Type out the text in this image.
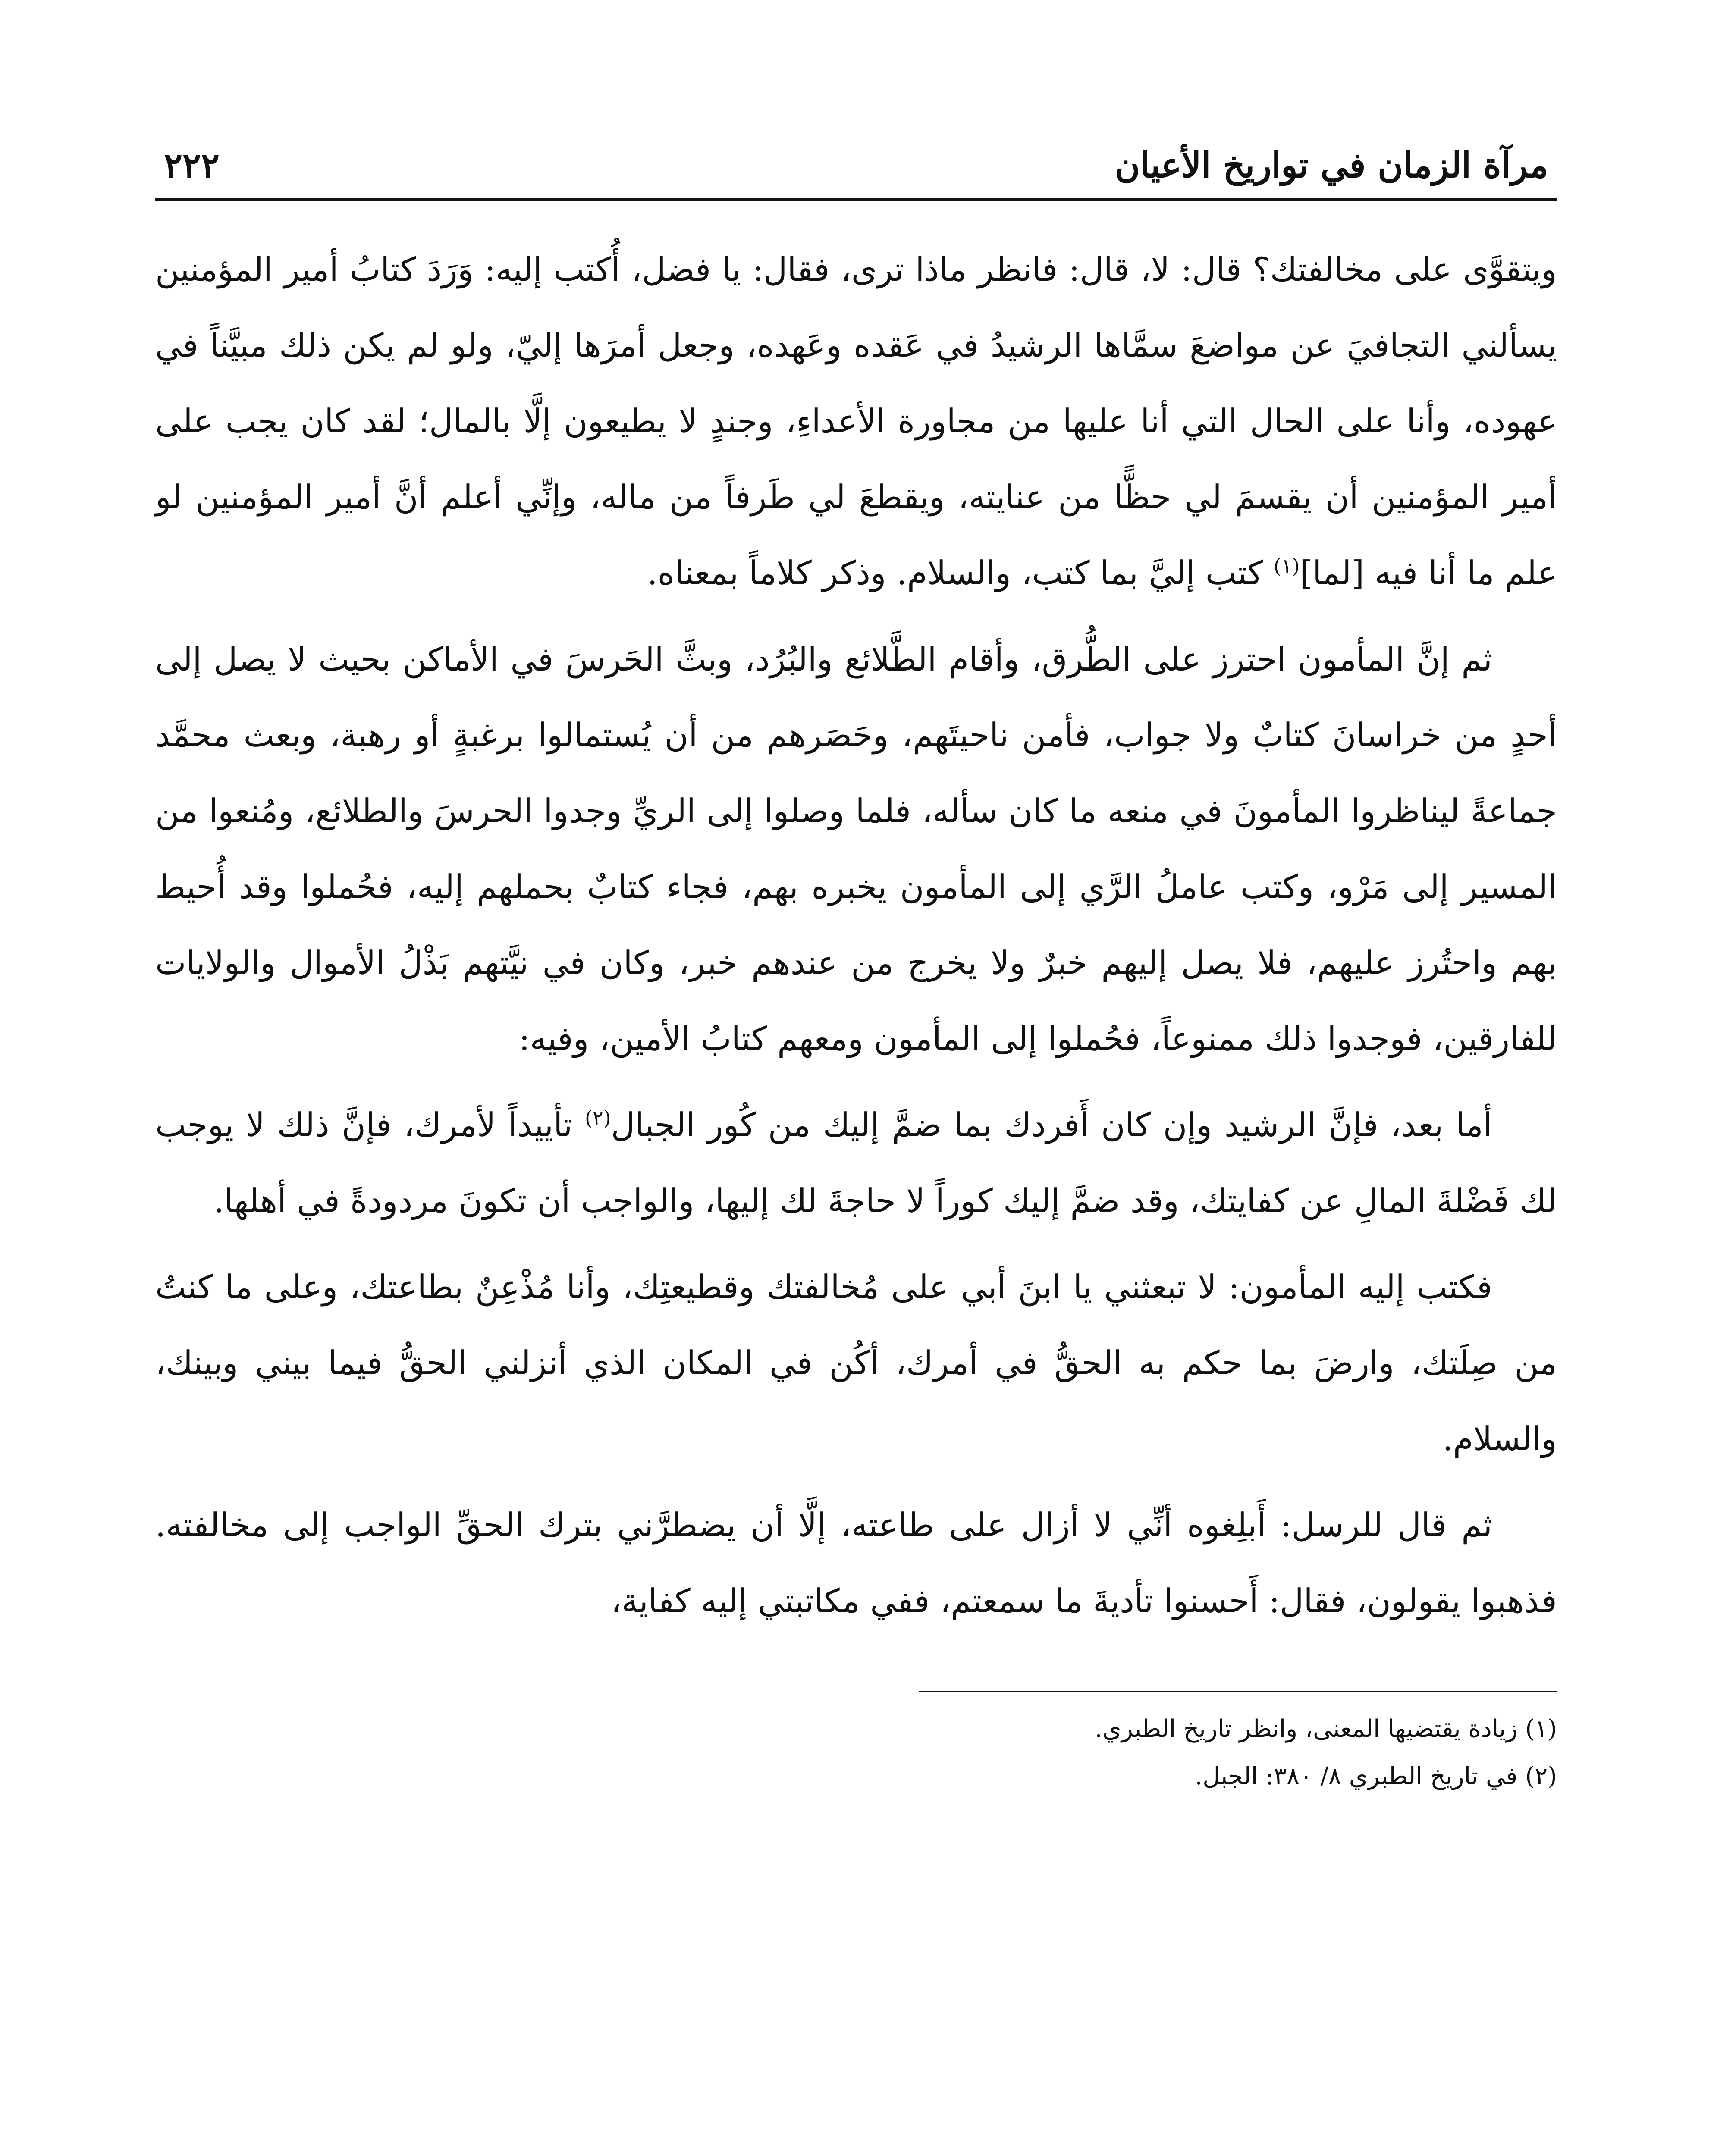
مرآة الزمان في تواريخ الأعيان
٢٢٢

ويتقوَّى على مخالفتك؟ قال: لا، قال: فانظر ماذا ترى، فقال: يا فضل، أُكتب إليه: وَرَدَ كتابُ أمير المؤمنين يسألني التجافيَ عن مواضعَ سمَّاها الرشيدُ في عَقده وعَهده، وجعل أمرَها إليّ، ولو لم يكن ذلك مبيَّناً في عهوده، وأنا على الحال التي أنا عليها من مجاورة الأعداءِ، وجندٍ لا يطيعون إلَّا بالمال؛ لقد كان يجب على أمير المؤمنين أن يقسمَ لي حظًّا من عنايته، ويقطعَ لي طَرفاً من ماله، وإنِّي أعلم أنَّ أمير المؤمنين لو علم ما أنا فيه [لما]$^{(١)}$ كتب إليَّ بما كتب، والسلام. وذكر كلاماً بمعناه.

ثم إنَّ المأمون احترز على الطُّرق، وأقام الطَّلائع والبُرُد، وبثَّ الحَرسَ في الأماكن بحيث لا يصل إلى أحدٍ من خراسانَ كتابٌ ولا جواب، فأمن ناحيتَهم، وحَصَرهم من أن يُستمالوا برغبةٍ أو رهبة، وبعث محمَّد جماعةً ليناظروا المأمونَ في منعه ما كان سأله، فلما وصلوا إلى الريِّ وجدوا الحرسَ والطلائع، ومُنعوا من المسير إلى مَرْو، وكتب عاملُ الرَّي إلى المأمون يخبره بهم، فجاء كتابٌ بحملهم إليه، فحُملوا وقد أُحيط بهم واحتُرز عليهم، فلا يصل إليهم خبرٌ ولا يخرج من عندهم خبر، وكان في نيَّتهم بَذْلُ الأموال والولايات للفارقين، فوجدوا ذلك ممنوعاً، فحُملوا إلى المأمون ومعهم كتابُ الأمين، وفيه:

أما بعد، فإنَّ الرشيد وإن كان أَفردك بما ضمَّ إليك من كُور الجبال$^{(٢)}$ تأييداً لأمرك، فإنَّ ذلك لا يوجب لك فَضْلةَ المالِ عن كفايتك، وقد ضمَّ إليك كوراً لا حاجةَ لك إليها، والواجب أن تكونَ مردودةً في أهلها.

فكتب إليه المأمون: لا تبعثني يا ابنَ أبي على مُخالفتك وقطيعتِك، وأنا مُذْعِنٌ بطاعتك، وعلى ما كنتُ من صِلَتك، وارضَ بما حكم به الحقُّ في أمرك، أكُن في المكان الذي أنزلني الحقُّ فيما بيني وبينك، والسلام.

ثم قال للرسل: أَبلِغوه أنِّي لا أزال على طاعته، إلَّا أن يضطرَّني بترك الحقِّ الواجب إلى مخالفته. فذهبوا يقولون، فقال: أَحسنوا تأديةَ ما سمعتم، ففي مكاتبتي إليه كفاية،

(١) زيادة يقتضيها المعنى، وانظر تاريخ الطبري.

(٢) في تاريخ الطبري ٨/ ٣٨٠: الجبل.
